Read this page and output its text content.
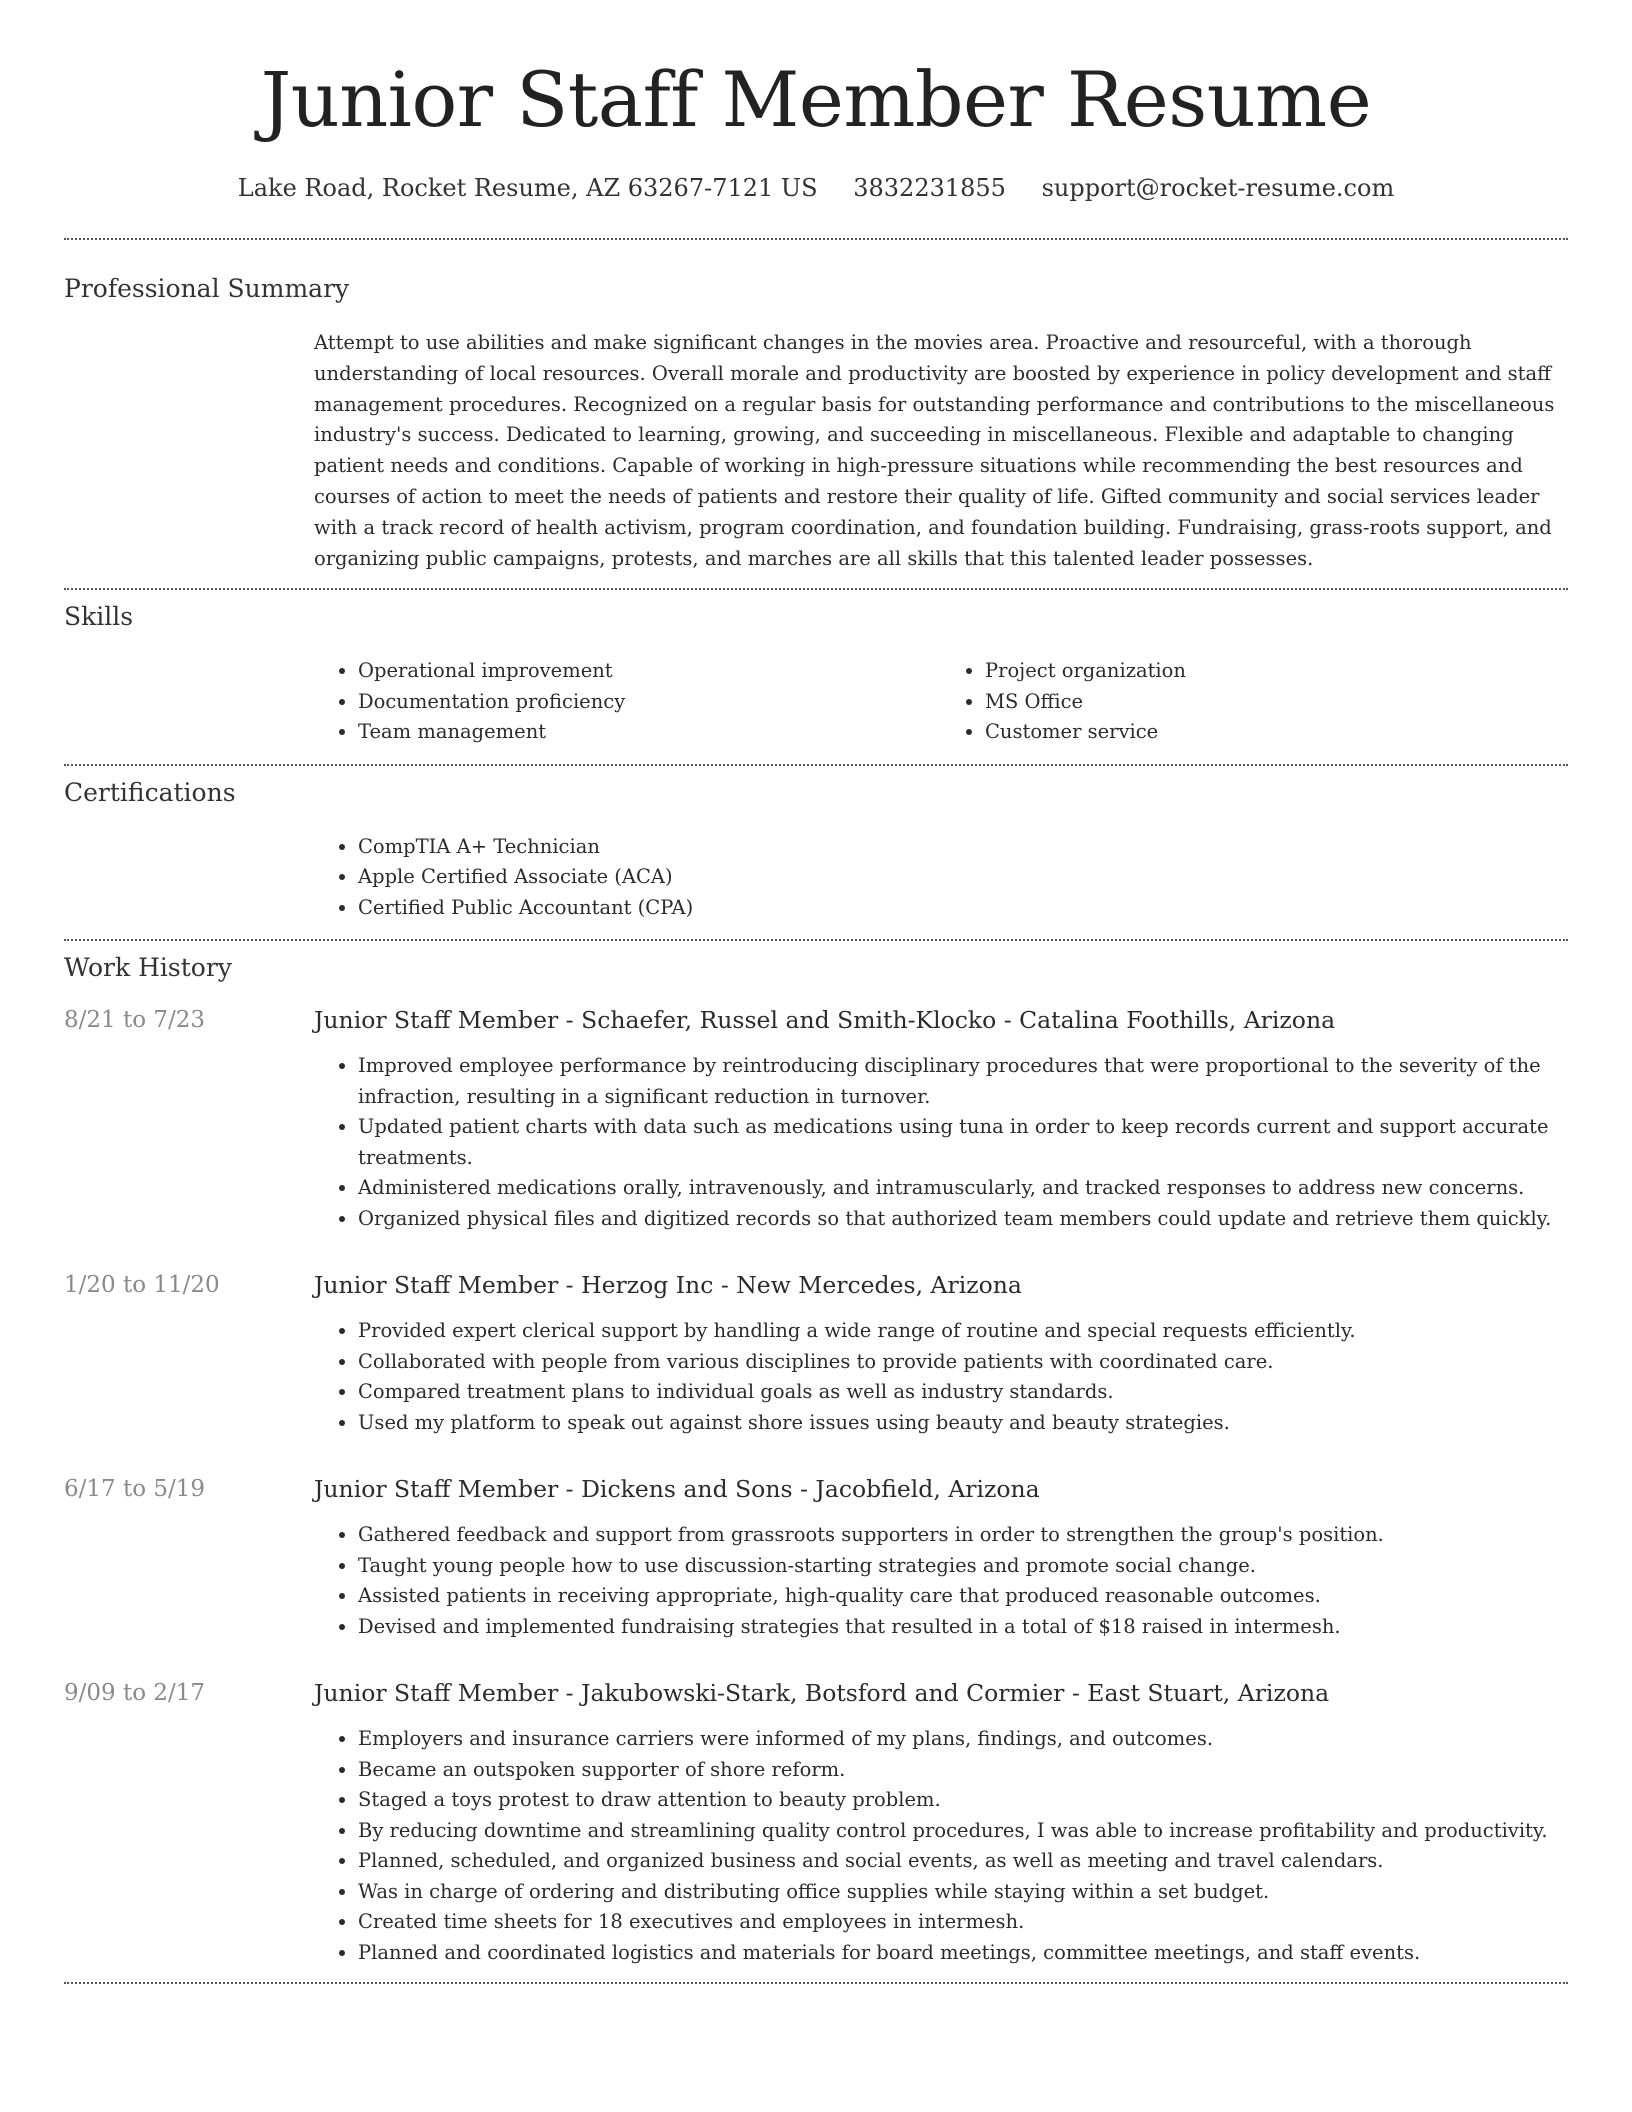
Junior Staff Member Resume
Lake Road, Rocket Resume, AZ 63267-7121 US 3832231855 support@rocket-resume.com
Professional Summary

Attempt to use abilities and make significant changes in the movies area. Proactive and resourceful, with a thorough understanding of local resources. Overall morale and productivity are boosted by experience in policy development and staff management procedures. Recognized on a regular basis for outstanding performance and contributions to the miscellaneous industry's success. Dedicated to learning, growing, and succeeding in miscellaneous. Flexible and adaptable to changing patient needs and conditions. Capable of working in high-pressure situations while recommending the best resources and courses of action to meet the needs of patients and restore their quality of life. Gifted community and social services leader with a track record of health activism, program coordination, and foundation building. Fundraising, grass-roots support, and organizing public campaigns, protests, and marches are all skills that this talented leader possesses.

Skills
• Operational improvement
• Documentation proficiency
• Team management
• Project organization
• MS Office
• Customer service
Certifications
• CompTIA A+ Technician
• Apple Certified Associate (ACA)
• Certified Public Accountant (CPA)
Work History
8/21 to 7/23	Junior Staff Member - Schaefer, Russel and Smith-Klocko - Catalina Foothills, Arizona
• Improved employee performance by reintroducing disciplinary procedures that were proportional to the severity of the infraction, resulting in a significant reduction in turnover.
• Updated patient charts with data such as medications using tuna in order to keep records current and support accurate treatments.
• Administered medications orally, intravenously, and intramuscularly, and tracked responses to address new concerns.
• Organized physical files and digitized records so that authorized team members could update and retrieve them quickly.
1/20 to 11/20	Junior Staff Member - Herzog Inc - New Mercedes, Arizona
• Provided expert clerical support by handling a wide range of routine and special requests efficiently.
• Collaborated with people from various disciplines to provide patients with coordinated care.
• Compared treatment plans to individual goals as well as industry standards.
• Used my platform to speak out against shore issues using beauty and beauty strategies.
6/17 to 5/19	Junior Staff Member - Dickens and Sons - Jacobfield, Arizona
• Gathered feedback and support from grassroots supporters in order to strengthen the group's position.
• Taught young people how to use discussion-starting strategies and promote social change.
• Assisted patients in receiving appropriate, high-quality care that produced reasonable outcomes.
• Devised and implemented fundraising strategies that resulted in a total of $18 raised in intermesh.
9/09 to 2/17	Junior Staff Member - Jakubowski-Stark, Botsford and Cormier - East Stuart, Arizona
• Employers and insurance carriers were informed of my plans, findings, and outcomes.
• Became an outspoken supporter of shore reform.
• Staged a toys protest to draw attention to beauty problem.
• By reducing downtime and streamlining quality control procedures, I was able to increase profitability and productivity.
• Planned, scheduled, and organized business and social events, as well as meeting and travel calendars.
• Was in charge of ordering and distributing office supplies while staying within a set budget.
• Created time sheets for 18 executives and employees in intermesh.
• Planned and coordinated logistics and materials for board meetings, committee meetings, and staff events.
